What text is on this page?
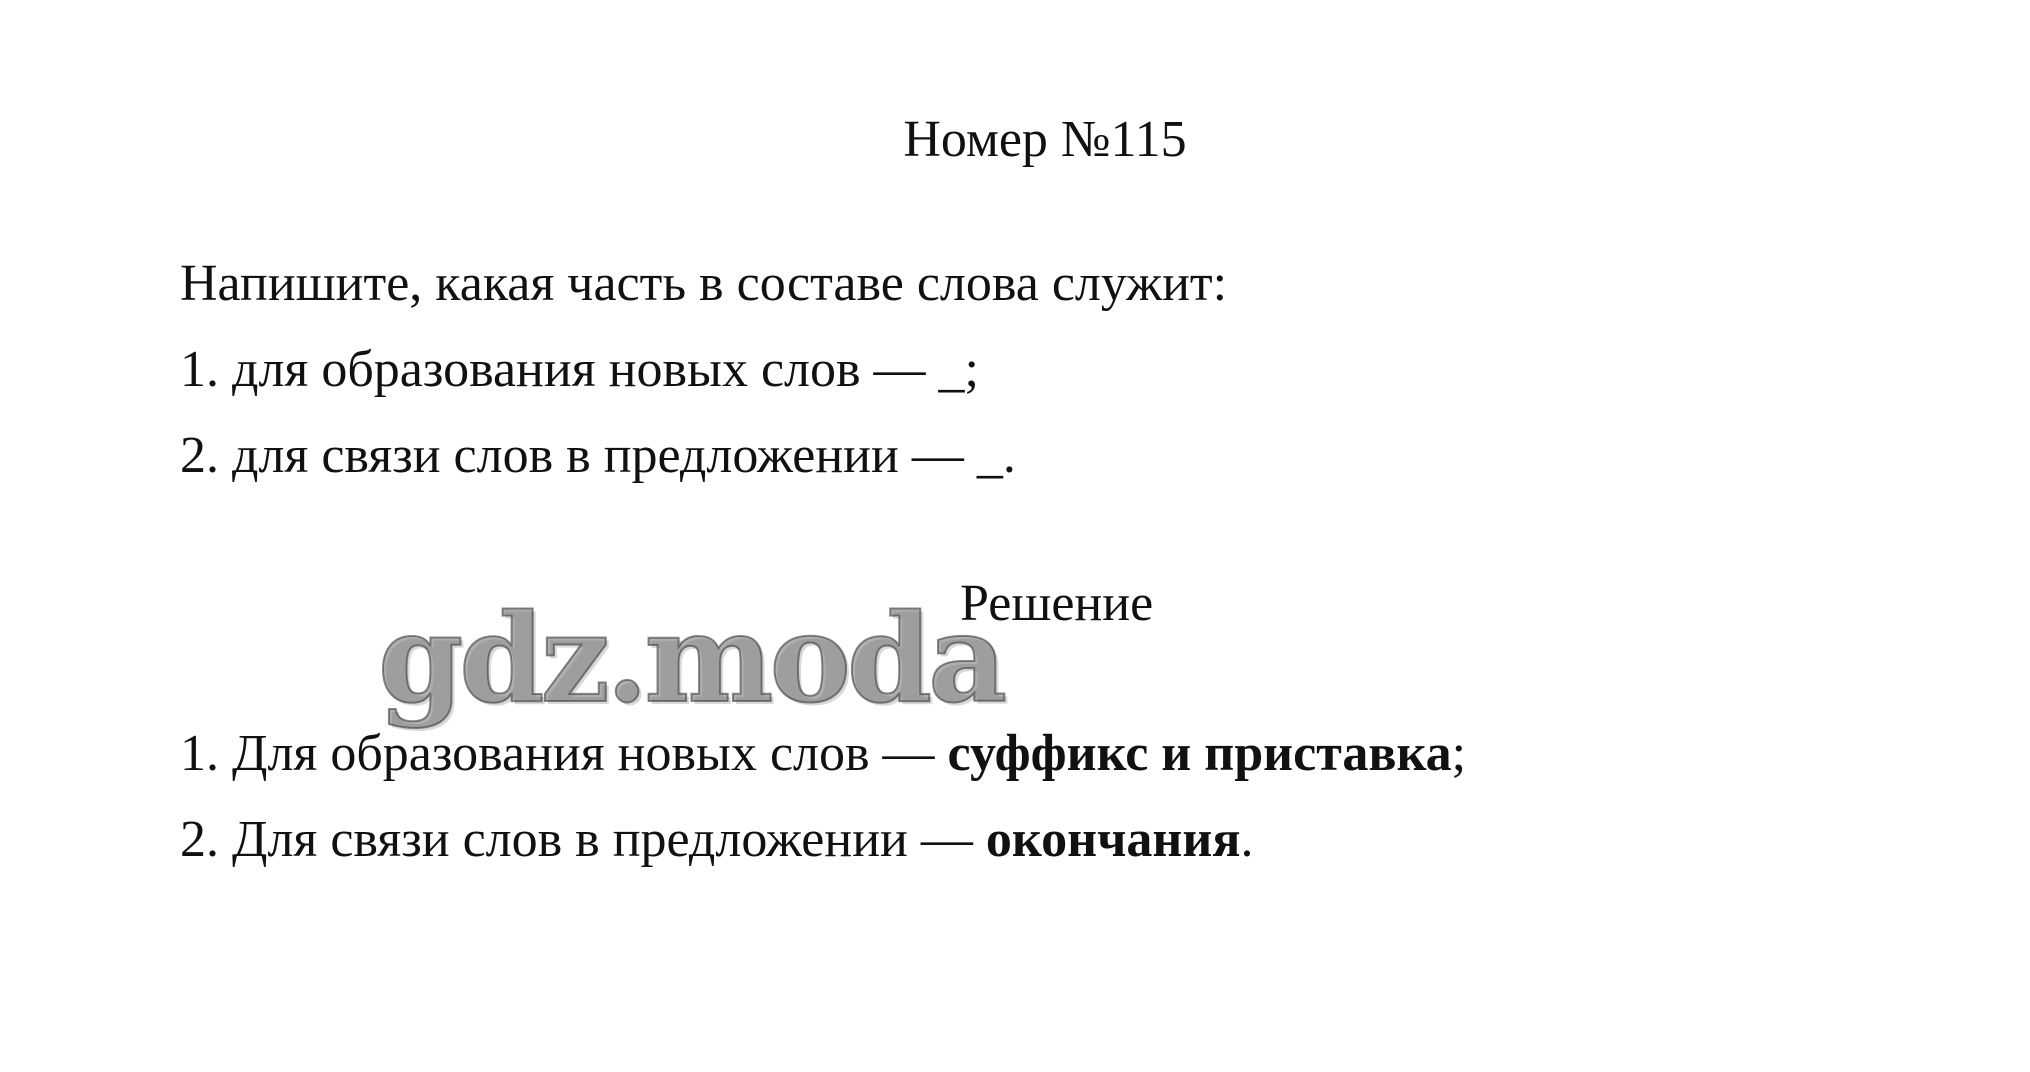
Номер №115
Напишите, какая часть в составе слова служит:
1. для образования новых слов — _;
2. для связи слов в предложении — _.
Решение
gdz.moda
1. Для образования новых слов — суффикс и приставка;
2. Для связи слов в предложении — окончания.
